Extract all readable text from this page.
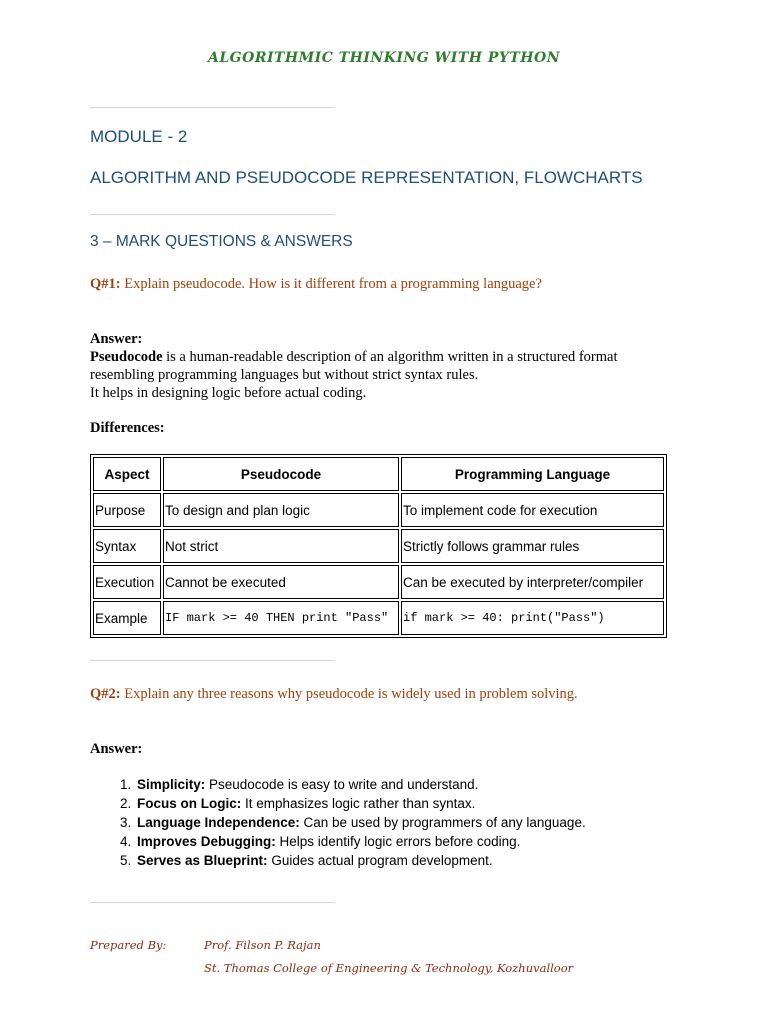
ALGORITHMIC THINKING WITH PYTHON
MODULE - 2
ALGORITHM AND PSEUDOCODE REPRESENTATION, FLOWCHARTS
3 – MARK QUESTIONS & ANSWERS
Q#1: Explain pseudocode. How is it different from a programming language?

Answer:

Pseudocode is a human-readable description of an algorithm written in a structured format

resembling programming languages but without strict syntax rules.

It helps in designing logic before actual coding.

Differences:
Aspect	Pseudocode	Programming Language
Purpose	To design and plan logic	To implement code for execution
Syntax	Not strict	Strictly follows grammar rules
Execution	Cannot be executed	Can be executed by interpreter/compiler
Example	IF mark >= 40 THEN print "Pass"	if mark >= 40: print("Pass")
Q#2: Explain any three reasons why pseudocode is widely used in problem solving.
Answer:
1. Simplicity: Pseudocode is easy to write and understand.
2. Focus on Logic: It emphasizes logic rather than syntax.
3. Language Independence: Can be used by programmers of any language.
4. Improves Debugging: Helps identify logic errors before coding.
5. Serves as Blueprint: Guides actual program development.
Prepared By:	Prof. Filson P. Rajan
St. Thomas College of Engineering & Technology, Kozhuvalloor
